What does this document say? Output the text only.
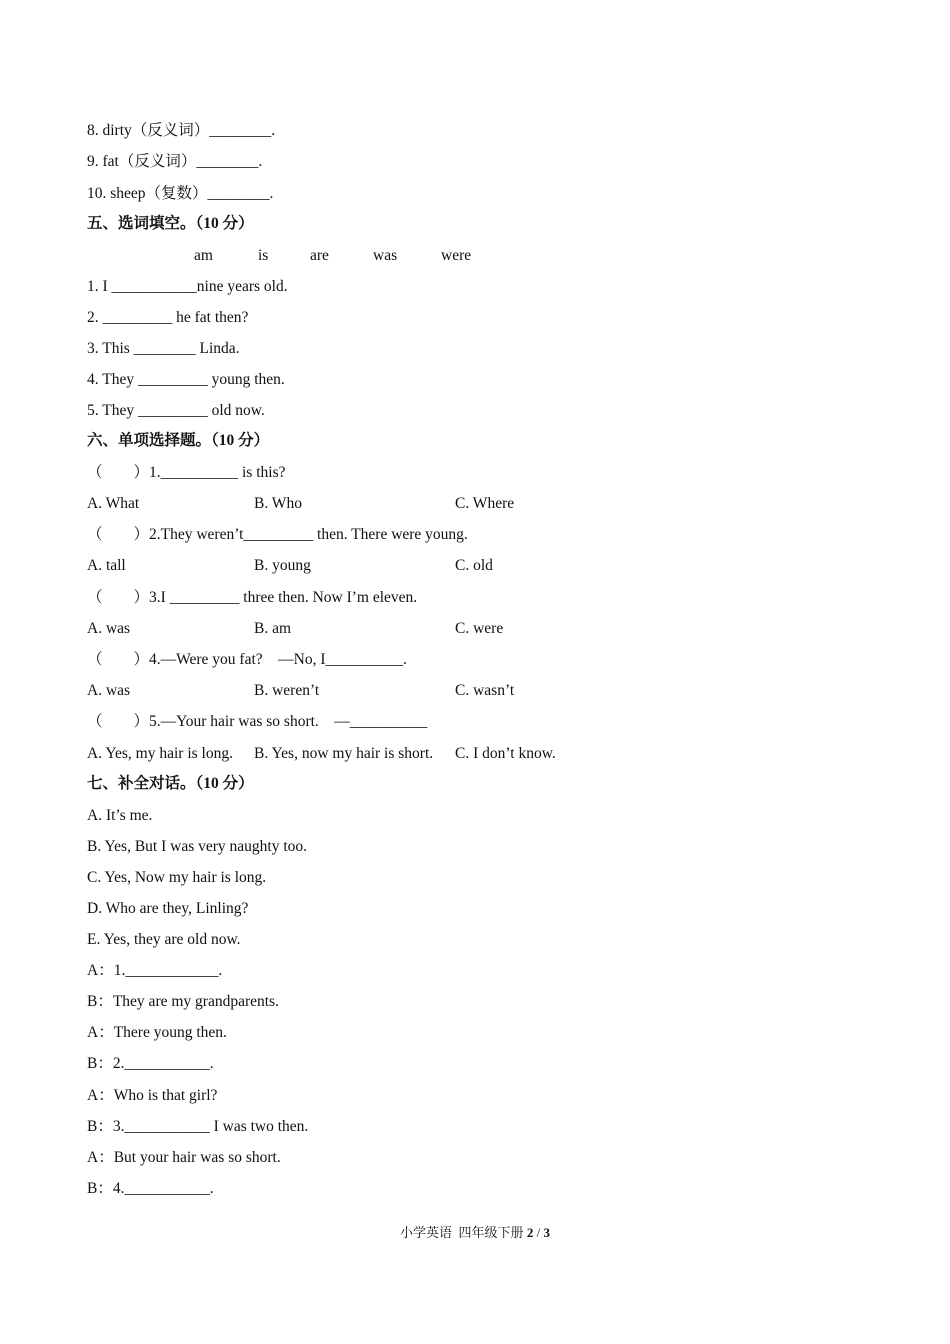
8. dirty（反义词）________.
9. fat（反义词）________.
10. sheep（复数）________.
五、选词填空。（10 分）
am	is	are	was	were
1. I ___________nine years old.
2. _________ he fat then?
3. This ________ Linda.
4. They _________ young then.
5. They _________ old now.
六、单项选择题。（10 分）
（　　）1.__________ is this?
A. What	B. Who	C. Where
（　　）2.They weren’t_________ then. There were young.
A. tall	B. young	C. old
（　　）3.I _________ three then. Now I’m eleven.
A. was	B. am	C. were
（　　）4.—Were you fat?　—No, I__________.
A. was	B. weren’t	C. wasn’t
（　　）5.—Your hair was so short.　—__________
A. Yes, my hair is long. B. Yes, now my hair is short. C. I don’t know.
七、补全对话。（10 分）
A. It’s me.
B. Yes, But I was very naughty too.
C. Yes, Now my hair is long.
D. Who are they, Linling?
E. Yes, they are old now.
A：1.____________.
B：They are my grandparents.
A：There young then.
B：2.___________.
A：Who is that girl?
B：3.___________ I was two then.
A：But your hair was so short.
B：4.___________.
小学英语  四年级下册 2 / 3
